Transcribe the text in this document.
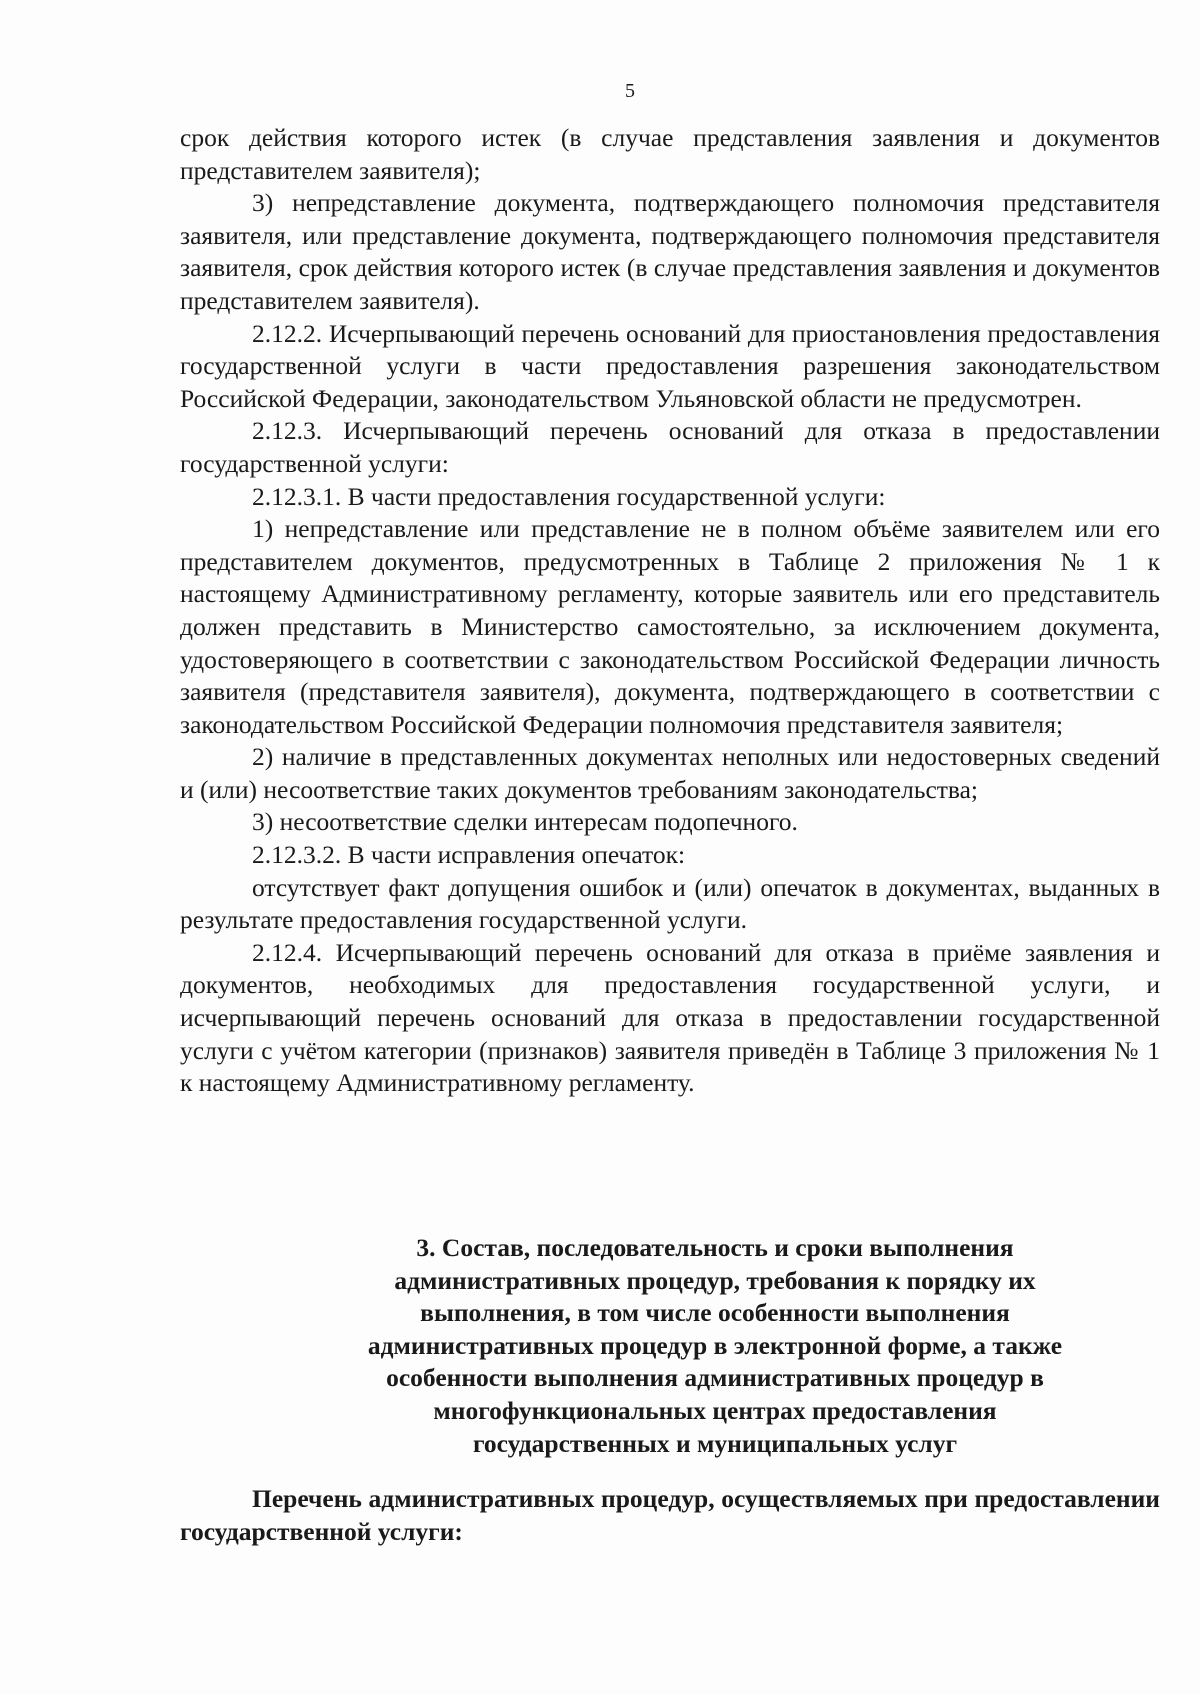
5

срок действия которого истек (в случае представления заявления и документов представителем заявителя);

3) непредставление документа, подтверждающего полномочия представителя заявителя, или представление документа, подтверждающего полномочия представителя заявителя, срок действия которого истек (в случае представления заявления и документов представителем заявителя).

2.12.2. Исчерпывающий перечень оснований для приостановления предоставления государственной услуги в части предоставления разрешения законодательством Российской Федерации, законодательством Ульяновской области не предусмотрен.

2.12.3. Исчерпывающий перечень оснований для отказа в предоставлении государственной услуги:

2.12.3.1. В части предоставления государственной услуги:

1) непредставление или представление не в полном объёме заявителем или его представителем документов, предусмотренных в Таблице 2 приложения № 1 к настоящему Административному регламенту, которые заявитель или его представитель должен представить в Министерство самостоятельно, за исключением документа, удостоверяющего в соответствии с законодательством Российской Федерации личность заявителя (представителя заявителя), документа, подтверждающего в соответствии с законодательством Российской Федерации полномочия представителя заявителя;

2) наличие в представленных документах неполных или недостоверных сведений и (или) несоответствие таких документов требованиям законодательства;

3) несоответствие сделки интересам подопечного.

2.12.3.2. В части исправления опечаток:

отсутствует факт допущения ошибок и (или) опечаток в документах, выданных в результате предоставления государственной услуги.

2.12.4. Исчерпывающий перечень оснований для отказа в приёме заявления и документов, необходимых для предоставления государственной услуги, и исчерпывающий перечень оснований для отказа в предоставлении государственной услуги с учётом категории (признаков) заявителя приведён в Таблице 3 приложения № 1 к настоящему Административному регламенту.

3. Состав, последовательность и сроки выполнения административных процедур, требования к порядку их выполнения, в том числе особенности выполнения административных процедур в электронной форме, а также особенности выполнения административных процедур в многофункциональных центрах предоставления государственных и муниципальных услуг
Перечень административных процедур, осуществляемых при предоставлении государственной услуги:
